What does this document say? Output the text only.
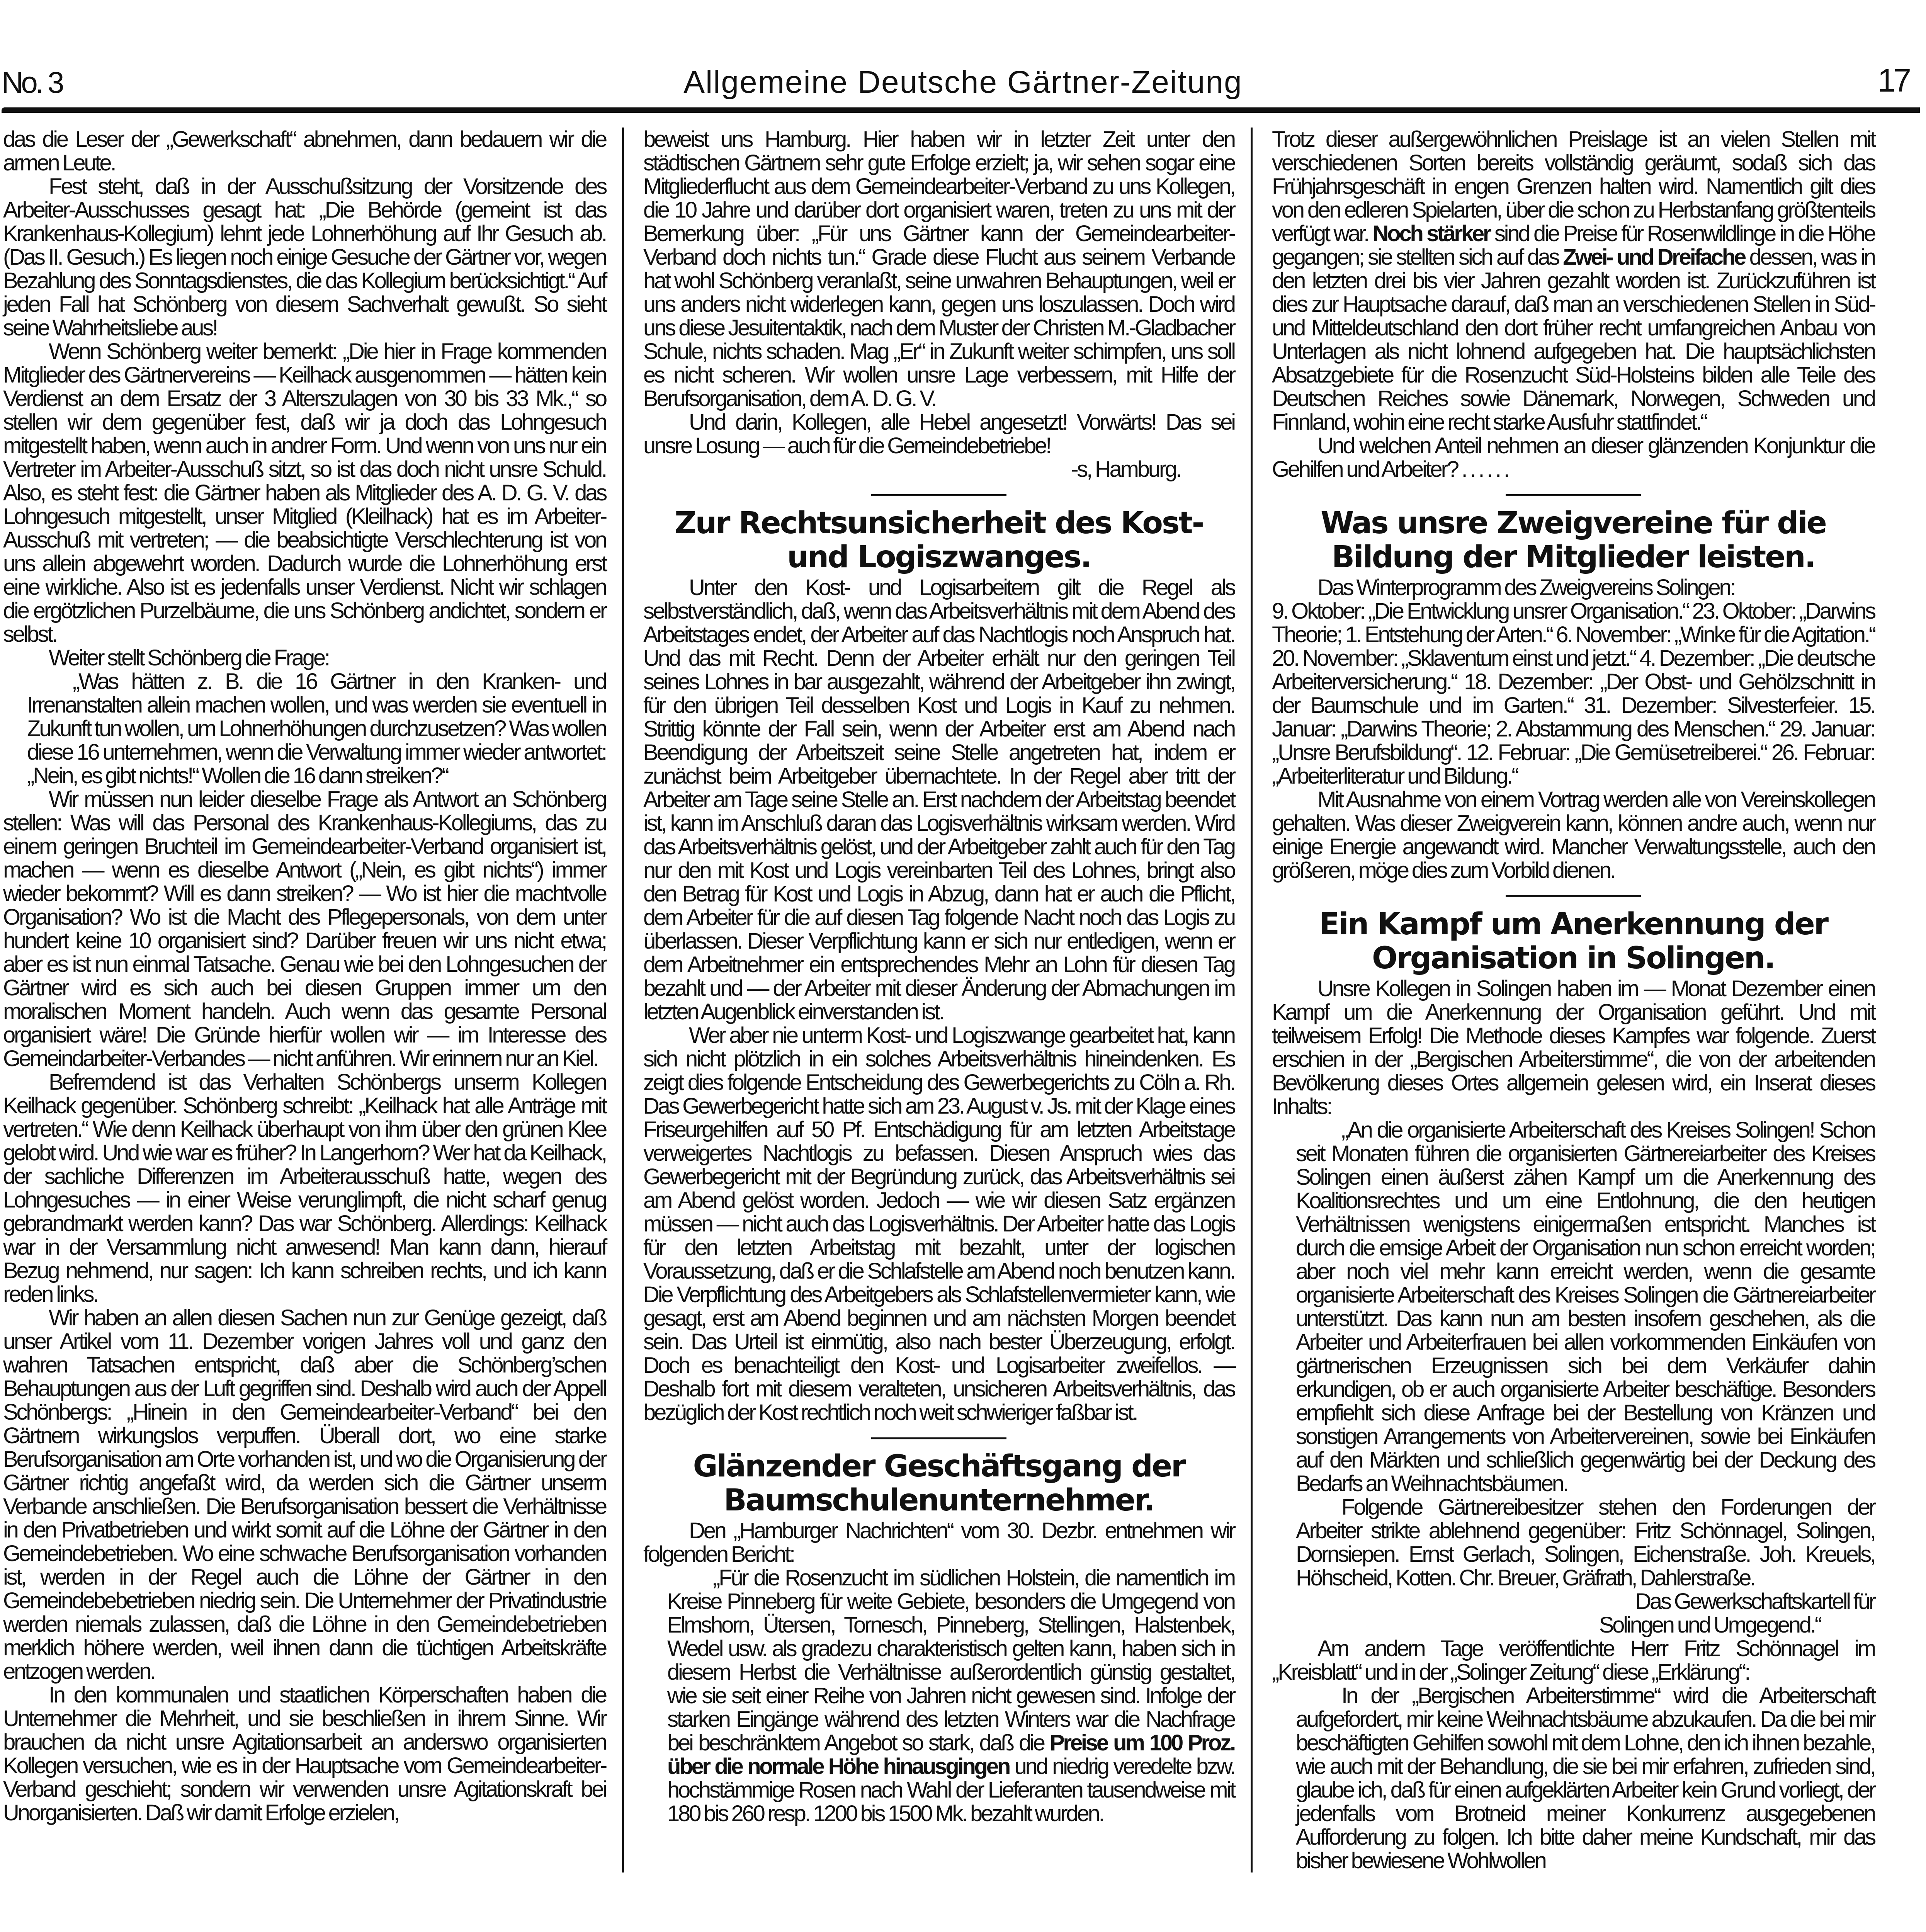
No. 3	Allgemeine Deutsche Gärtner-Zeitung	17

das die Leser der „Gewerkschaft“ abnehmen, dann bedauern wir die armen Leute.

Fest steht, daß in der Ausschußsitzung der Vorsitzende des Arbeiter-Ausschusses gesagt hat: „Die Behörde (gemeint ist das Krankenhaus-Kollegium) lehnt jede Lohnerhöhung auf Ihr Gesuch ab. (Das II. Gesuch.) Es liegen noch einige Gesuche der Gärtner vor, wegen Bezahlung des Sonntagsdienstes, die das Kollegium berücksichtigt.“ Auf jeden Fall hat Schönberg von diesem Sachverhalt gewußt. So sieht seine Wahrheitsliebe aus!

Wenn Schönberg weiter bemerkt: „Die hier in Frage kommenden Mitglieder des Gärtnervereins — Keilhack ausgenommen — hätten kein Verdienst an dem Ersatz der 3 Alterszulagen von 30 bis 33 Mk.,“ so stellen wir dem gegenüber fest, daß wir ja doch das Lohngesuch mitgestellt haben, wenn auch in andrer Form. Und wenn von uns nur ein Vertreter im Arbeiter-Ausschuß sitzt, so ist das doch nicht unsre Schuld. Also, es steht fest: die Gärtner haben als Mitglieder des A. D. G. V. das Lohngesuch mitgestellt, unser Mitglied (Kleilhack) hat es im Arbeiter-Ausschuß mit vertreten; — die beabsichtigte Verschlechterung ist von uns allein abgewehrt worden. Dadurch wurde die Lohnerhöhung erst eine wirkliche. Also ist es jedenfalls unser Verdienst. Nicht wir schlagen die ergötzlichen Purzelbäume, die uns Schönberg andichtet, sondern er selbst.

Weiter stellt Schönberg die Frage:

„Was hätten z. B. die 16 Gärtner in den Kranken- und Irrenanstalten allein machen wollen, und was werden sie eventuell in Zukunft tun wollen, um Lohnerhöhungen durchzusetzen? Was wollen diese 16 unternehmen, wenn die Verwaltung immer wieder antwortet: „Nein, es gibt nichts!“ Wollen die 16 dann streiken?“

Wir müssen nun leider dieselbe Frage als Antwort an Schönberg stellen: Was will das Personal des Krankenhaus-Kollegiums, das zu einem geringen Bruchteil im Gemeindearbeiter-Verband organisiert ist, machen — wenn es dieselbe Antwort („Nein, es gibt nichts“) immer wieder bekommt? Will es dann streiken? — Wo ist hier die machtvolle Organisation? Wo ist die Macht des Pflegepersonals, von dem unter hundert keine 10 organisiert sind? Darüber freuen wir uns nicht etwa; aber es ist nun einmal Tatsache. Genau wie bei den Lohngesuchen der Gärtner wird es sich auch bei diesen Gruppen immer um den moralischen Moment handeln. Auch wenn das gesamte Personal organisiert wäre! Die Gründe hierfür wollen wir — im Interesse des Gemeindarbeiter-Verbandes — nicht anführen. Wir erinnern nur an Kiel.

Befremdend ist das Verhalten Schönbergs unserm Kollegen Keilhack gegenüber. Schönberg schreibt: „Keilhack hat alle Anträge mit vertreten.“ Wie denn Keilhack überhaupt von ihm über den grünen Klee gelobt wird. Und wie war es früher? In Langerhorn? Wer hat da Keilhack, der sachliche Differenzen im Arbeiterausschuß hatte, wegen des Lohngesuches — in einer Weise verunglimpft, die nicht scharf genug gebrandmarkt werden kann? Das war Schönberg. Allerdings: Keilhack war in der Versammlung nicht anwesend! Man kann dann, hierauf Bezug nehmend, nur sagen: Ich kann schreiben rechts, und ich kann reden links.

Wir haben an allen diesen Sachen nun zur Genüge gezeigt, daß unser Artikel vom 11. Dezember vorigen Jahres voll und ganz den wahren Tatsachen entspricht, daß aber die Schönberg’schen Behauptungen aus der Luft gegriffen sind. Deshalb wird auch der Appell Schönbergs: „Hinein in den Gemeindearbeiter-Verband“ bei den Gärtnern wirkungslos verpuffen. Überall dort, wo eine starke Berufsorganisation am Orte vorhanden ist, und wo die Organisierung der Gärtner richtig angefaßt wird, da werden sich die Gärtner unserm Verbande anschließen. Die Berufsorganisation bessert die Verhältnisse in den Privatbetrieben und wirkt somit auf die Löhne der Gärtner in den Gemeindebetrieben. Wo eine schwache Berufsorganisation vorhanden ist, werden in der Regel auch die Löhne der Gärtner in den Gemeindebebetrieben niedrig sein. Die Unternehmer der Privatindustrie werden niemals zulassen, daß die Löhne in den Gemeindebetrieben merklich höhere werden, weil ihnen dann die tüchtigen Arbeitskräfte entzogen werden.

In den kommunalen und staatlichen Körperschaften haben die Unternehmer die Mehrheit, und sie beschließen in ihrem Sinne. Wir brauchen da nicht unsre Agitationsarbeit an anderswo organisierten Kollegen versuchen, wie es in der Hauptsache vom Gemeindearbeiter-Verband geschieht; sondern wir verwenden unsre Agitationskraft bei Unorganisierten. Daß wir damit Erfolge erzielen,

beweist uns Hamburg. Hier haben wir in letzter Zeit unter den städtischen Gärtnern sehr gute Erfolge erzielt; ja, wir sehen sogar eine Mitgliederflucht aus dem Gemeindearbeiter-Verband zu uns Kollegen, die 10 Jahre und darüber dort organisiert waren, treten zu uns mit der Bemerkung über: „Für uns Gärtner kann der Gemeindearbeiter-Verband doch nichts tun.“ Grade diese Flucht aus seinem Verbande hat wohl Schönberg veranlaßt, seine unwahren Behauptungen, weil er uns anders nicht widerlegen kann, gegen uns loszulassen. Doch wird uns diese Jesuitentaktik, nach dem Muster der Christen M.-Gladbacher Schule, nichts schaden. Mag „Er“ in Zukunft weiter schimpfen, uns soll es nicht scheren. Wir wollen unsre Lage verbessern, mit Hilfe der Berufsorganisation, dem A. D. G. V.

Und darin, Kollegen, alle Hebel angesetzt! Vorwärts! Das sei unsre Losung — auch für die Gemeindebetriebe!

-s, Hamburg.

Zur Rechtsunsicherheit des Kost- und Logiszwanges.

Unter den Kost- und Logisarbeitern gilt die Regel als selbstverständlich, daß, wenn das Arbeitsverhältnis mit dem Abend des Arbeitstages endet, der Arbeiter auf das Nachtlogis noch Anspruch hat. Und das mit Recht. Denn der Arbeiter erhält nur den geringen Teil seines Lohnes in bar ausgezahlt, während der Arbeitgeber ihn zwingt, für den übrigen Teil desselben Kost und Logis in Kauf zu nehmen. Strittig könnte der Fall sein, wenn der Arbeiter erst am Abend nach Beendigung der Arbeitszeit seine Stelle angetreten hat, indem er zunächst beim Arbeitgeber übernachtete. In der Regel aber tritt der Arbeiter am Tage seine Stelle an. Erst nachdem der Arbeitstag beendet ist, kann im Anschluß daran das Logisverhältnis wirksam werden. Wird das Arbeitsverhältnis gelöst, und der Arbeitgeber zahlt auch für den Tag nur den mit Kost und Logis vereinbarten Teil des Lohnes, bringt also den Betrag für Kost und Logis in Abzug, dann hat er auch die Pflicht, dem Arbeiter für die auf diesen Tag folgende Nacht noch das Logis zu überlassen. Dieser Verpflichtung kann er sich nur entledigen, wenn er dem Arbeitnehmer ein entsprechendes Mehr an Lohn für diesen Tag bezahlt und — der Arbeiter mit dieser Änderung der Abmachungen im letzten Augenblick einverstanden ist.

Wer aber nie unterm Kost- und Logiszwange gearbeitet hat, kann sich nicht plötzlich in ein solches Arbeitsverhältnis hineindenken. Es zeigt dies folgende Entscheidung des Gewerbegerichts zu Cöln a. Rh. Das Gewerbegericht hatte sich am 23. August v. Js. mit der Klage eines Friseurgehilfen auf 50 Pf. Entschädigung für am letzten Arbeitstage verweigertes Nachtlogis zu befassen. Diesen Anspruch wies das Gewerbegericht mit der Begründung zurück, das Arbeitsverhältnis sei am Abend gelöst worden. Jedoch — wie wir diesen Satz ergänzen müssen — nicht auch das Logisverhältnis. Der Arbeiter hatte das Logis für den letzten Arbeitstag mit bezahlt, unter der logischen Voraussetzung, daß er die Schlafstelle am Abend noch benutzen kann. Die Verpflichtung des Arbeitgebers als Schlafstellenvermieter kann, wie gesagt, erst am Abend beginnen und am nächsten Morgen beendet sein. Das Urteil ist einmütig, also nach bester Überzeugung, erfolgt. Doch es benachteiligt den Kost- und Logisarbeiter zweifellos. — Deshalb fort mit diesem veralteten, unsicheren Arbeitsverhältnis, das bezüglich der Kost rechtlich noch weit schwieriger faßbar ist.

Glänzender Geschäftsgang der Baumschulenunternehmer.

Den „Hamburger Nachrichten“ vom 30. Dezbr. entnehmen wir folgenden Bericht:

„Für die Rosenzucht im südlichen Holstein, die namentlich im Kreise Pinneberg für weite Gebiete, besonders die Umgegend von Elmshorn, Ütersen, Tornesch, Pinneberg, Stellingen, Halstenbek, Wedel usw. als gradezu charakteristisch gelten kann, haben sich in diesem Herbst die Verhältnisse außerordentlich günstig gestaltet, wie sie seit einer Reihe von Jahren nicht gewesen sind. Infolge der starken Eingänge während des letzten Winters war die Nachfrage bei beschränktem Angebot so stark, daß die Preise um 100 Proz. über die normale Höhe hinausgingen und niedrig veredelte bzw. hochstämmige Rosen nach Wahl der Lieferanten tausendweise mit 180 bis 260 resp. 1200 bis 1500 Mk. bezahlt wurden.

Trotz dieser außergewöhnlichen Preislage ist an vielen Stellen mit verschiedenen Sorten bereits vollständig geräumt, sodaß sich das Frühjahrsgeschäft in engen Grenzen halten wird. Namentlich gilt dies von den edleren Spielarten, über die schon zu Herbstanfang größtenteils verfügt war. Noch stärker sind die Preise für Rosenwildlinge in die Höhe gegangen; sie stellten sich auf das Zwei- und Dreifache dessen, was in den letzten drei bis vier Jahren gezahlt worden ist. Zurückzuführen ist dies zur Hauptsache darauf, daß man an verschiedenen Stellen in Süd- und Mitteldeutschland den dort früher recht umfangreichen Anbau von Unterlagen als nicht lohnend aufgegeben hat. Die hauptsächlichsten Absatzgebiete für die Rosenzucht Süd-Holsteins bilden alle Teile des Deutschen Reiches sowie Dänemark, Norwegen, Schweden und Finnland, wohin eine recht starke Ausfuhr stattfindet.“

Und welchen Anteil nehmen an dieser glänzenden Konjunktur die Gehilfen und Arbeiter? . . . . . .

Was unsre Zweigvereine für die Bildung der Mitglieder leisten.

Das Winterprogramm des Zweigvereins Solingen:

9. Oktober: „Die Entwicklung unsrer Organisation.“ 23. Oktober: „Darwins Theorie; 1. Entstehung der Arten.“ 6. November: „Winke für die Agitation.“ 20. November: „Sklaventum einst und jetzt.“ 4. Dezember: „Die deutsche Arbeiterversicherung.“ 18. Dezember: „Der Obst- und Gehölzschnitt in der Baumschule und im Garten.“ 31. Dezember: Silvesterfeier. 15. Januar: „Darwins Theorie; 2. Abstammung des Menschen.“ 29. Januar: „Unsre Berufsbildung“. 12. Februar: „Die Gemüsetreiberei.“ 26. Februar: „Arbeiterliteratur und Bildung.“

Mit Ausnahme von einem Vortrag werden alle von Vereinskollegen gehalten. Was dieser Zweigverein kann, können andre auch, wenn nur einige Energie angewandt wird. Mancher Verwaltungsstelle, auch den größeren, möge dies zum Vorbild dienen.

Ein Kampf um Anerkennung der Organisation in Solingen.

Unsre Kollegen in Solingen haben im — Monat Dezember einen Kampf um die Anerkennung der Organisation geführt. Und mit teilweisem Erfolg! Die Methode dieses Kampfes war folgende. Zuerst erschien in der „Bergischen Arbeiterstimme“, die von der arbeitenden Bevölkerung dieses Ortes allgemein gelesen wird, ein Inserat dieses Inhalts:

„An die organisierte Arbeiterschaft des Kreises Solingen! Schon seit Monaten führen die organisierten Gärtnereiarbeiter des Kreises Solingen einen äußerst zähen Kampf um die Anerkennung des Koalitionsrechtes und um eine Entlohnung, die den heutigen Verhältnissen wenigstens einigermaßen entspricht. Manches ist durch die emsige Arbeit der Organisation nun schon erreicht worden; aber noch viel mehr kann erreicht werden, wenn die gesamte organisierte Arbeiterschaft des Kreises Solingen die Gärtnereiarbeiter unterstützt. Das kann nun am besten insofern geschehen, als die Arbeiter und Arbeiterfrauen bei allen vorkommenden Einkäufen von gärtnerischen Erzeugnissen sich bei dem Verkäufer dahin erkundigen, ob er auch organisierte Arbeiter beschäftige. Besonders empfiehlt sich diese Anfrage bei der Bestellung von Kränzen und sonstigen Arrangements von Arbeitervereinen, sowie bei Einkäufen auf den Märkten und schließlich gegenwärtig bei der Deckung des Bedarfs an Weihnachtsbäumen.

Folgende Gärtnereibesitzer stehen den Forderungen der Arbeiter strikte ablehnend gegenüber: Fritz Schönnagel, Solingen, Dornsiepen. Ernst Gerlach, Solingen, Eichenstraße. Joh. Kreuels, Höhscheid, Kotten. Chr. Breuer, Gräfrath, Dahlerstraße.

Das Gewerkschaftskartell für

Solingen und Umgegend.“

Am andern Tage veröffentlichte Herr Fritz Schönnagel im „Kreisblatt“ und in der „Solinger Zeitung“ diese „Erklärung“:

In der „Bergischen Arbeiterstimme“ wird die Arbeiterschaft aufgefordert, mir keine Weihnachtsbäume abzukaufen. Da die bei mir beschäftigten Gehilfen sowohl mit dem Lohne, den ich ihnen bezahle, wie auch mit der Behandlung, die sie bei mir erfahren, zufrieden sind, glaube ich, daß für einen aufgeklärten Arbeiter kein Grund vorliegt, der jedenfalls vom Brotneid meiner Konkurrenz ausgegebenen Aufforderung zu folgen. Ich bitte daher meine Kundschaft, mir das bisher bewiesene Wohlwollen
